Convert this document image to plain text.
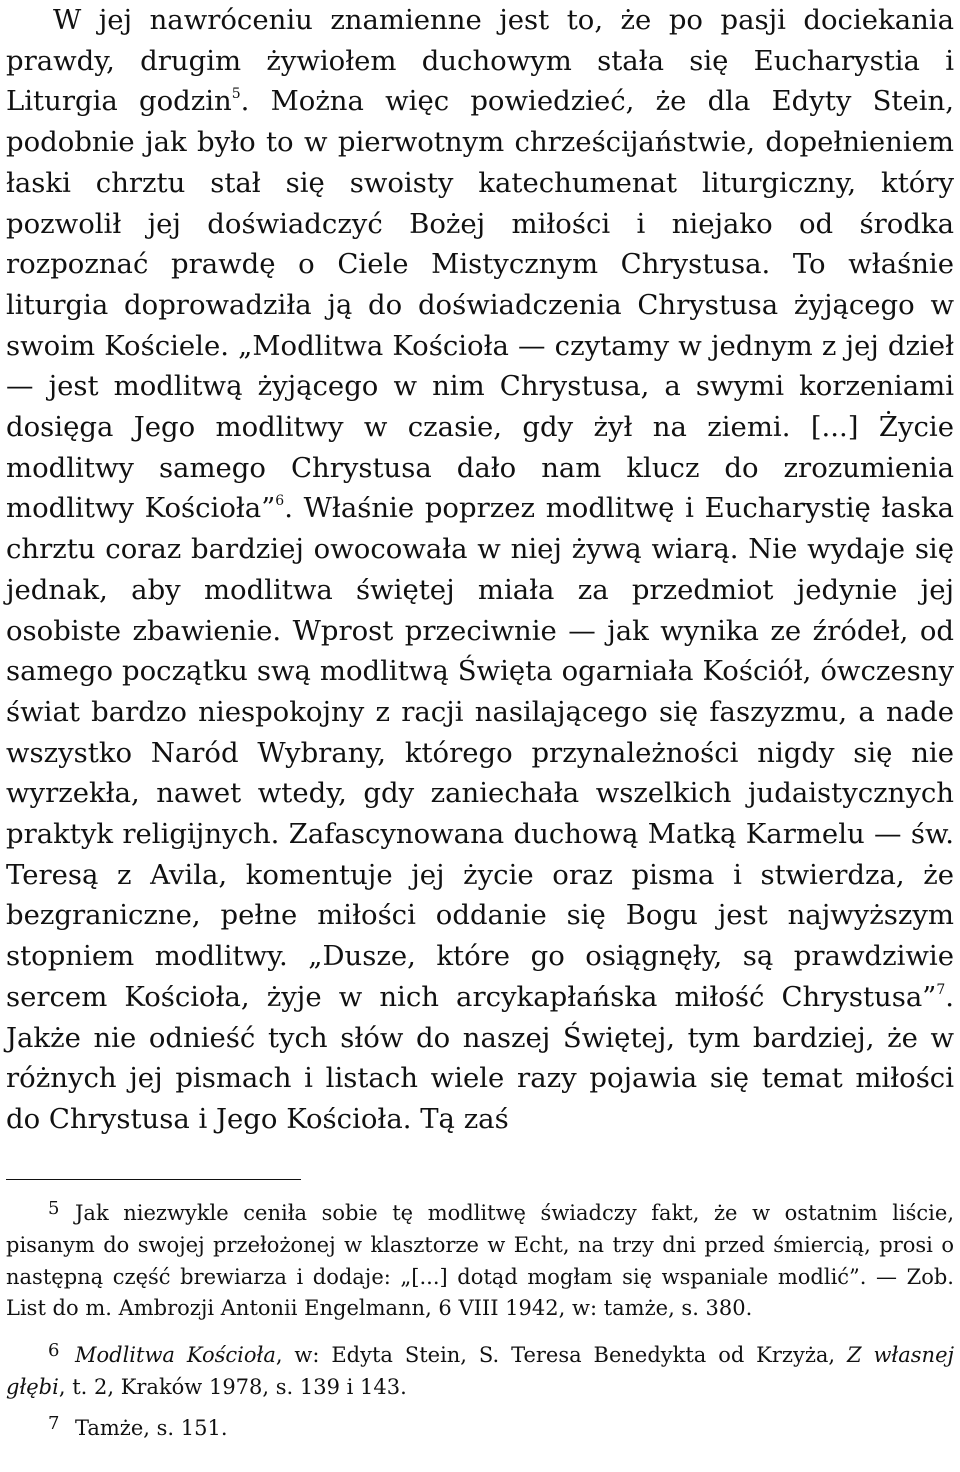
W jej nawróceniu znamienne jest to, że po pasji dociekania prawdy, drugim żywiołem duchowym stała się Eucharystia i Liturgia godzin$^5$. Można więc powiedzieć, że dla Edyty Stein, podobnie jak było to w pierwotnym chrześcijaństwie, dopełnieniem łaski chrztu stał się swoisty katechumenat liturgiczny, który pozwolił jej doświadczyć Bożej miłości i niejako od środka rozpoznać prawdę o Ciele Mistycznym Chrystusa. To właśnie liturgia doprowadziła ją do doświadczenia Chrystusa żyjącego w swoim Kościele. „Modlitwa Kościoła — czytamy w jednym z jej dzieł — jest modlitwą żyjącego w nim Chrystusa, a swymi korzeniami dosięga Jego modlitwy w czasie, gdy żył na ziemi. [...] Życie modlitwy samego Chrystusa dało nam klucz do zrozumienia modlitwy Kościoła”$^6$. Właśnie poprzez modlitwę i Eucharystię łaska chrztu coraz bardziej owocowała w niej żywą wiarą. Nie wydaje się jednak, aby modlitwa świętej miała za przedmiot jedynie jej osobiste zbawienie. Wprost przeciwnie — jak wynika ze źródeł, od samego początku swą modlitwą Święta ogarniała Kościół, ówczesny świat bardzo niespokojny z racji nasilającego się faszyzmu, a nade wszystko Naród Wybrany, którego przynależności nigdy się nie wyrzekła, nawet wtedy, gdy zaniechała wszelkich judaistycznych praktyk religijnych. Zafascynowana duchową Matką Karmelu — św. Teresą z Avila, komentuje jej życie oraz pisma i stwierdza, że bezgraniczne, pełne miłości oddanie się Bogu jest najwyższym stopniem modlitwy. „Dusze, które go osiągnęły, są prawdziwie sercem Kościoła, żyje w nich arcykapłańska miłość Chrystusa”$^7$. Jakże nie odnieść tych słów do naszej Świętej, tym bardziej, że w różnych jej pismach i listach wiele razy pojawia się temat miłości do Chrystusa i Jego Kościoła. Tą zaś

5 Jak niezwykle ceniła sobie tę modlitwę świadczy fakt, że w ostatnim liście, pisanym do swojej przełożonej w klasztorze w Echt, na trzy dni przed śmiercią, prosi o następną część brewiarza i dodaje: „[...] dotąd mogłam się wspaniale modlić”. — Zob. List do m. Ambrozji Antonii Engelmann, 6 VIII 1942, w: tamże, s. 380.

6 Modlitwa Kościoła, w: Edyta Stein, S. Teresa Benedykta od Krzyża, Z własnej głębi, t. 2, Kraków 1978, s. 139 i 143.

7 Tamże, s. 151.
